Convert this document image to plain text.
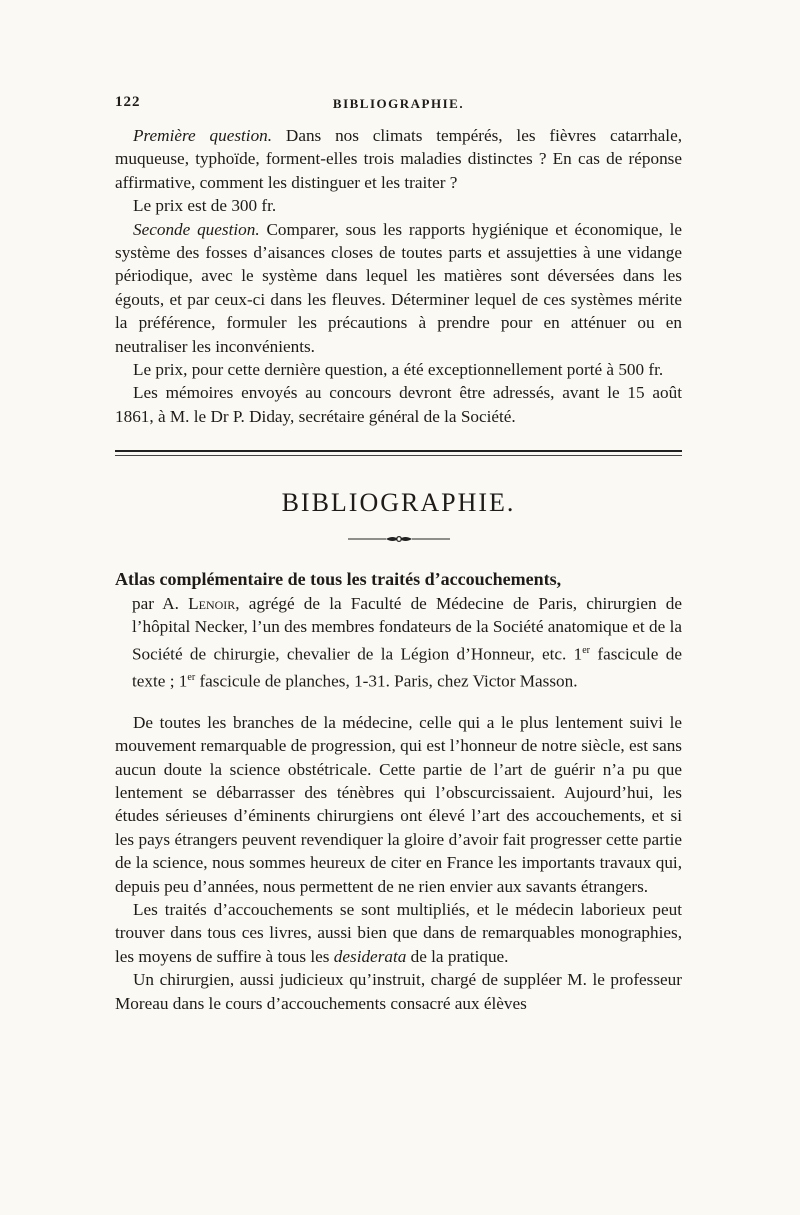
122	BIBLIOGRAPHIE.

Première question. Dans nos climats tempérés, les fièvres catarrhale, muqueuse, typhoïde, forment-elles trois maladies distinctes ? En cas de réponse affirmative, comment les distinguer et les traiter ?

Le prix est de 300 fr.

Seconde question. Comparer, sous les rapports hygiénique et économique, le système des fosses d’aisances closes de toutes parts et assujetties à une vidange périodique, avec le système dans lequel les matières sont déversées dans les égouts, et par ceux-ci dans les fleuves. Déterminer lequel de ces systèmes mérite la préférence, formuler les précautions à prendre pour en atténuer ou en neutraliser les inconvénients.

Le prix, pour cette dernière question, a été exceptionnellement porté à 500 fr.

Les mémoires envoyés au concours devront être adressés, avant le 15 août 1861, à M. le Dr P. Diday, secrétaire général de la Société.

BIBLIOGRAPHIE.
Atlas complémentaire de tous les traités d’accouchements,
par A. Lenoir, agrégé de la Faculté de Médecine de Paris, chirurgien de l’hôpital Necker, l’un des membres fondateurs de la Société anatomique et de la Société de chirurgie, chevalier de la Légion d’Honneur, etc. 1er fascicule de texte ; 1er fascicule de planches, 1-31. Paris, chez Victor Masson.

De toutes les branches de la médecine, celle qui a le plus lentement suivi le mouvement remarquable de progression, qui est l’honneur de notre siècle, est sans aucun doute la science obstétricale. Cette partie de l’art de guérir n’a pu que lentement se débarrasser des ténèbres qui l’obscurcissaient. Aujourd’hui, les études sérieuses d’éminents chirurgiens ont élevé l’art des accouchements, et si les pays étrangers peuvent revendiquer la gloire d’avoir fait progresser cette partie de la science, nous sommes heureux de citer en France les importants travaux qui, depuis peu d’années, nous permettent de ne rien envier aux savants étrangers.

Les traités d’accouchements se sont multipliés, et le médecin laborieux peut trouver dans tous ces livres, aussi bien que dans de remarquables monographies, les moyens de suffire à tous les desiderata de la pratique.

Un chirurgien, aussi judicieux qu’instruit, chargé de suppléer M. le professeur Moreau dans le cours d’accouchements consacré aux élèves
